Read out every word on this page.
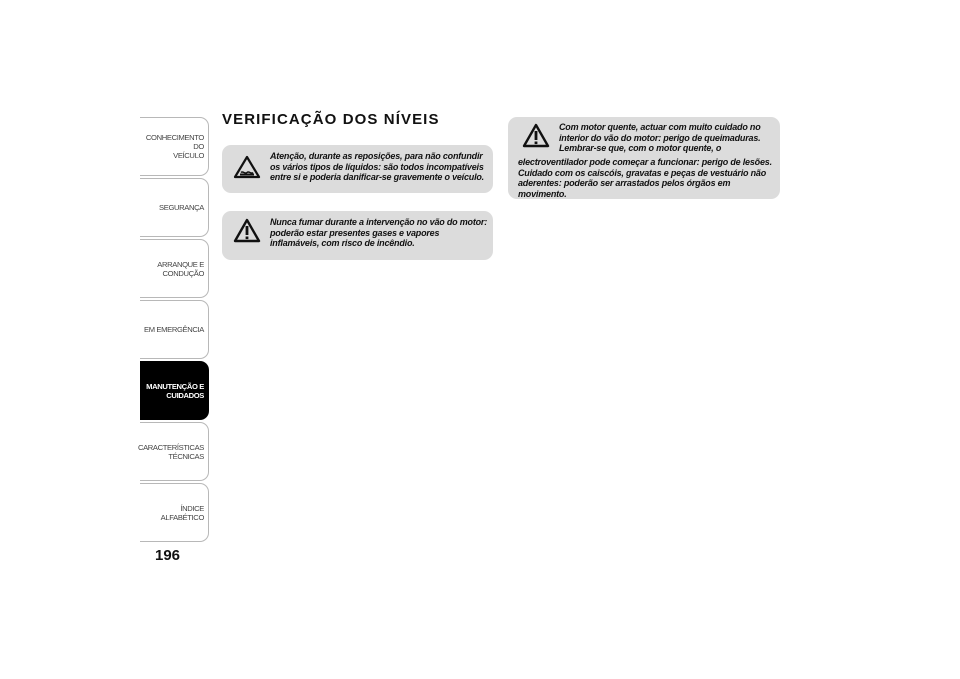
CONHECIMENTO DO
VEÍCULO
SEGURANÇA
ARRANQUE E
CONDUÇÃO
EM EMERGÊNCIA
MANUTENÇÃO E
CUIDADOS
CARACTERÍSTICAS
TÉCNICAS
ÍNDICE ALFABÉTICO
196
VERIFICAÇÃO DOS NÍVEIS

Atenção, durante as reposições, para não confundir os vários tipos de líquidos: são todos incompatíveis entre si e poderia danificar-se gravemente o veículo.

Nunca fumar durante a intervenção no vão do motor: poderão estar presentes gases e vapores inflamáveis, com risco de incêndio.

Com motor quente, actuar com muito cuidado no interior do vão do motor: perigo de queimaduras. Lembrar-se que, com o motor quente, o

electroventilador pode começar a funcionar: perigo de lesões. Cuidado com os caiscóis, gravatas e peças de vestuário não aderentes: poderão ser arrastados pelos órgãos em movimento.
